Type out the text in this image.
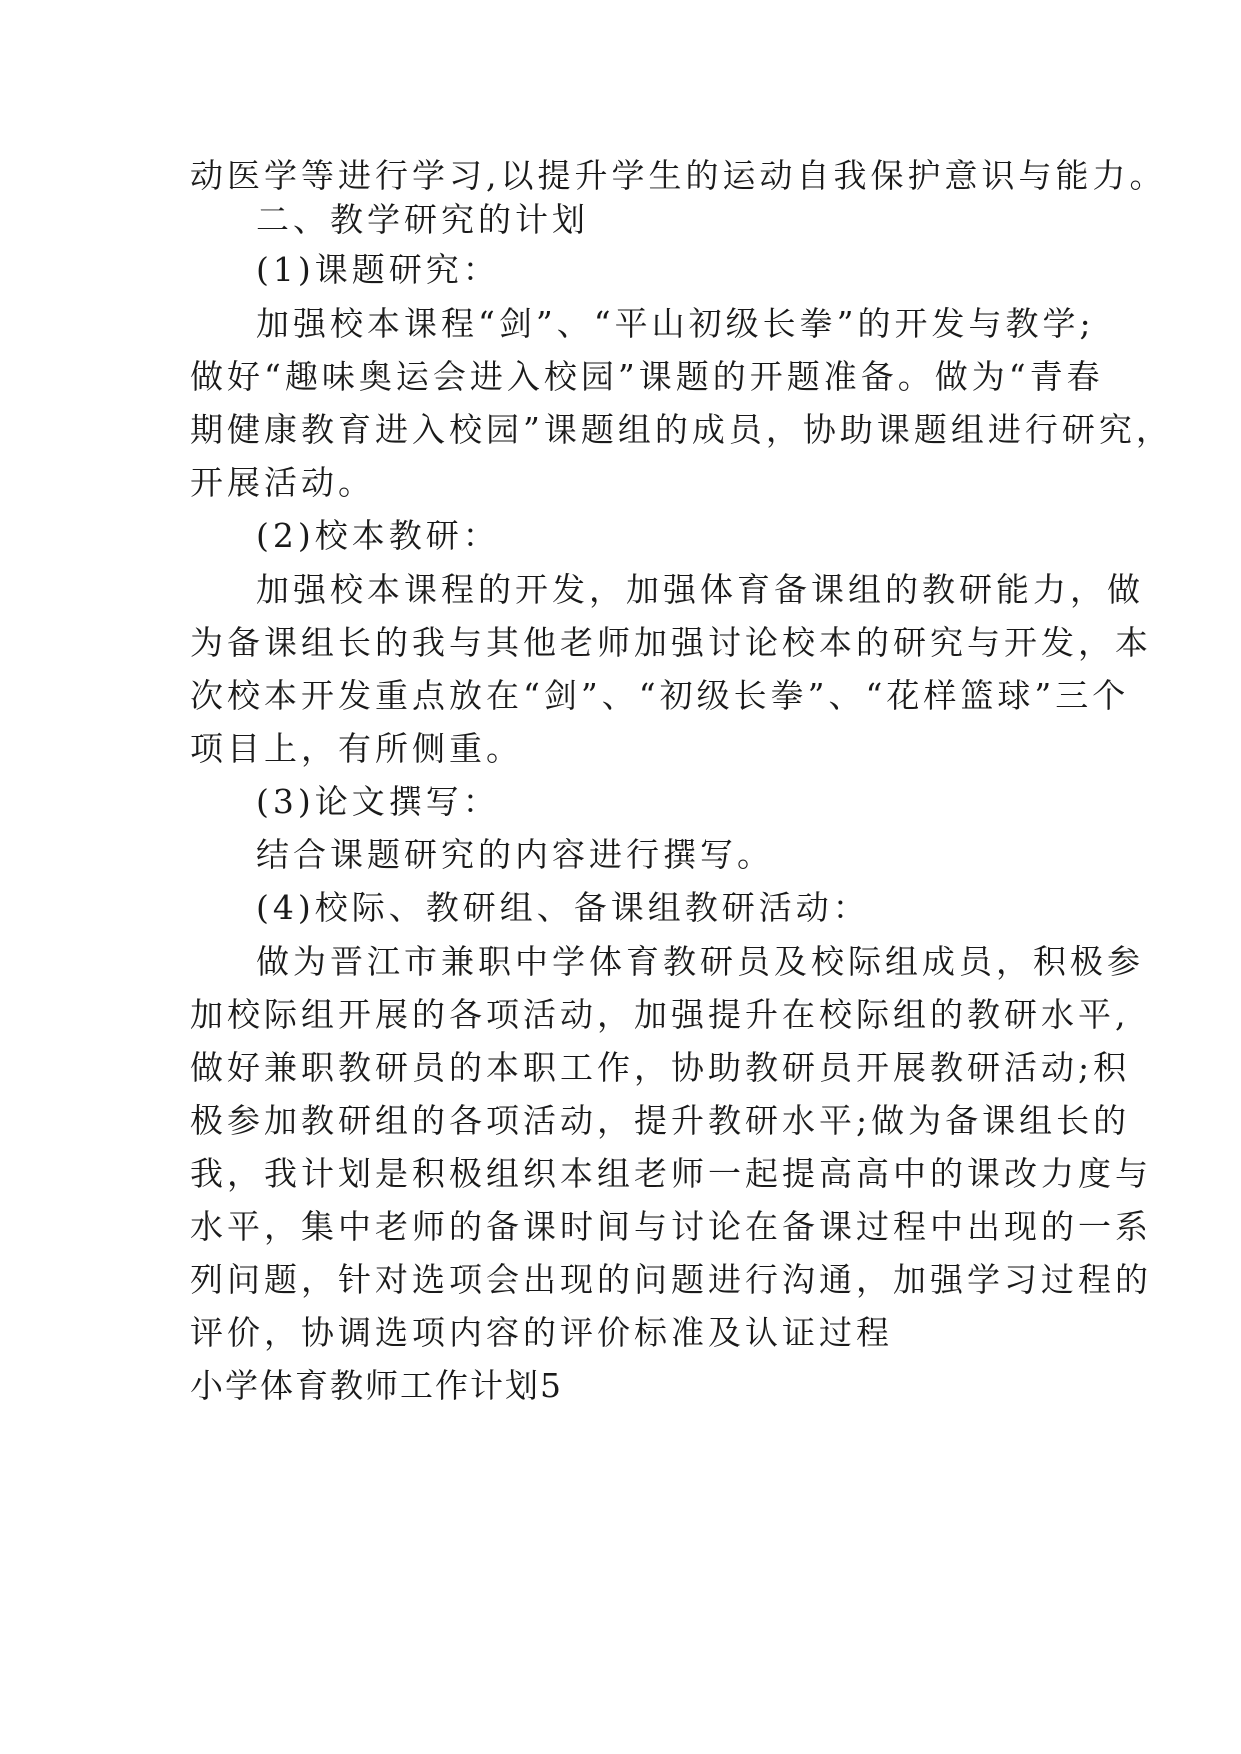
动医学等进行学习,以提升学生的运动自我保护意识与能力。
二、教学研究的计划
(1)课题研究：
加强校本课程“剑”、“平山初级长拳”的开发与教学;
做好“趣味奥运会进入校园”课题的开题准备。做为“青春
期健康教育进入校园”课题组的成员，协助课题组进行研究，
开展活动。
(2)校本教研：
加强校本课程的开发，加强体育备课组的教研能力，做
为备课组长的我与其他老师加强讨论校本的研究与开发，本
次校本开发重点放在“剑”、“初级长拳”、“花样篮球”三个
项目上，有所侧重。
(3)论文撰写：
结合课题研究的内容进行撰写。
(4)校际、教研组、备课组教研活动：
做为晋江市兼职中学体育教研员及校际组成员，积极参
加校际组开展的各项活动，加强提升在校际组的教研水平,
做好兼职教研员的本职工作，协助教研员开展教研活动;积
极参加教研组的各项活动，提升教研水平;做为备课组长的
我，我计划是积极组织本组老师一起提高高中的课改力度与
水平，集中老师的备课时间与讨论在备课过程中出现的一系
列问题，针对选项会出现的问题进行沟通，加强学习过程的
评价，协调选项内容的评价标准及认证过程
小学体育教师工作计划5
